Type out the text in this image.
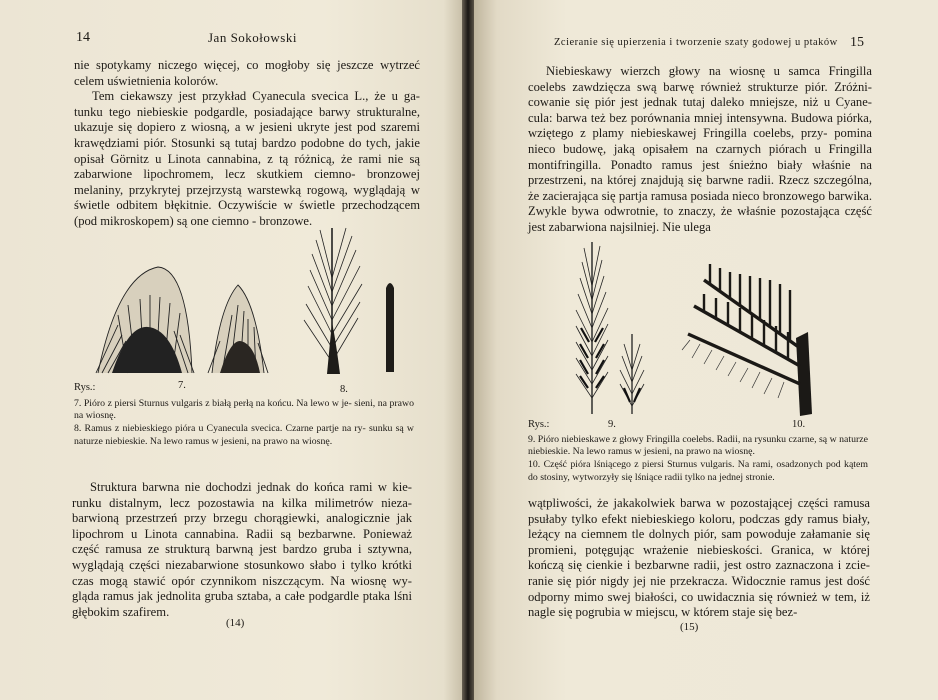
14	Jan Sokołowski

nie spotykamy niczego więcej, co mogłoby się jeszcze wytrzeć celem uświetnienia kolorów.

Tem ciekawszy jest przykład Cyanecula svecica L., że u ga- tunku tego niebieskie podgardle, posiadające barwy strukturalne, ukazuje się dopiero z wiosną, a w jesieni ukryte jest pod szaremi krawędziami piór. Stosunki są tutaj bardzo podobne do tych, jakie opisał Görnitz u Linota cannabina, z tą różnicą, że rami nie są zabarwione lipochromem, lecz skutkiem ciemno- bronzowej melaniny, przykrytej przejrzystą warstewką rogową, wyglądają w świetle odbitem błękitnie. Oczywiście w świetle przechodzącem (pod mikroskopem) są one ciemno - bronzowe.

Rys.:	7.	8.

7. Pióro z piersi Sturnus vulgaris z białą perłą na końcu. Na lewo w je- sieni, na prawo na wiosnę.

8. Ramus z niebieskiego pióra u Cyanecula svecica. Czarne partje na ry- sunku są w naturze niebieskie. Na lewo ramus w jesieni, na prawo na wiosnę.

Struktura barwna nie dochodzi jednak do końca rami w kie- runku distalnym, lecz pozostawia na kilka milimetrów nieza- barwioną przestrzeń przy brzegu chorągiewki, analogicznie jak lipochrom u Linota cannabina. Radii są bezbarwne. Ponieważ część ramusa ze strukturą barwną jest bardzo gruba i sztywna, wyglądają części niezabarwione stosunkowo słabo i tylko krótki czas mogą stawić opór czynnikom niszczącym. Na wiosnę wy- gląda ramus jak jednolita gruba sztaba, a całe podgardle ptaka lśni głębokim szafirem.

(14)
Zcieranie się upierzenia i tworzenie szaty godowej u ptaków 15

Niebieskawy wierzch głowy na wiosnę u samca Fringilla coelebs zawdzięcza swą barwę również strukturze piór. Zróżni- cowanie się piór jest jednak tutaj daleko mniejsze, niż u Cyane- cula: barwa też bez porównania mniej intensywna. Budowa piórka, wziętego z plamy niebieskawej Fringilla coelebs, przy- pomina nieco budowę, jaką opisałem na czarnych piórach u Fringilla montifringilla. Ponadto ramus jest śnieżno biały właśnie na przestrzeni, na której znajdują się barwne radii. Rzecz szczególna, że zacierająca się partja ramusa posiada nieco bronzowego barwika. Zwykle bywa odwrotnie, to znaczy, że właśnie pozostająca część jest zabarwiona najsilniej. Nie ulega

Rys.:	9.	10.

9. Pióro niebieskawe z głowy Fringilla coelebs. Radii, na rysunku czarne, są w naturze niebieskie. Na lewo ramus w jesieni, na prawo na wiosnę.

10. Część pióra lśniącego z piersi Sturnus vulgaris. Na rami, osadzonych pod kątem do stosiny, wytworzyły się lśniące radii tylko na jednej stronie.

wątpliwości, że jakakolwiek barwa w pozostającej części ramusa psułaby tylko efekt niebieskiego koloru, podczas gdy ramus biały, leżący na ciemnem tle dolnych piór, sam powoduje załamanie się promieni, potęgując wrażenie niebieskości. Granica, w której kończą się cienkie i bezbarwne radii, jest ostro zaznaczona i zcie- ranie się piór nigdy jej nie przekracza. Widocznie ramus jest dość odporny mimo swej białości, co uwidacznia się również w tem, iż nagle się pogrubia w miejscu, w którem staje się bez-

(15)
